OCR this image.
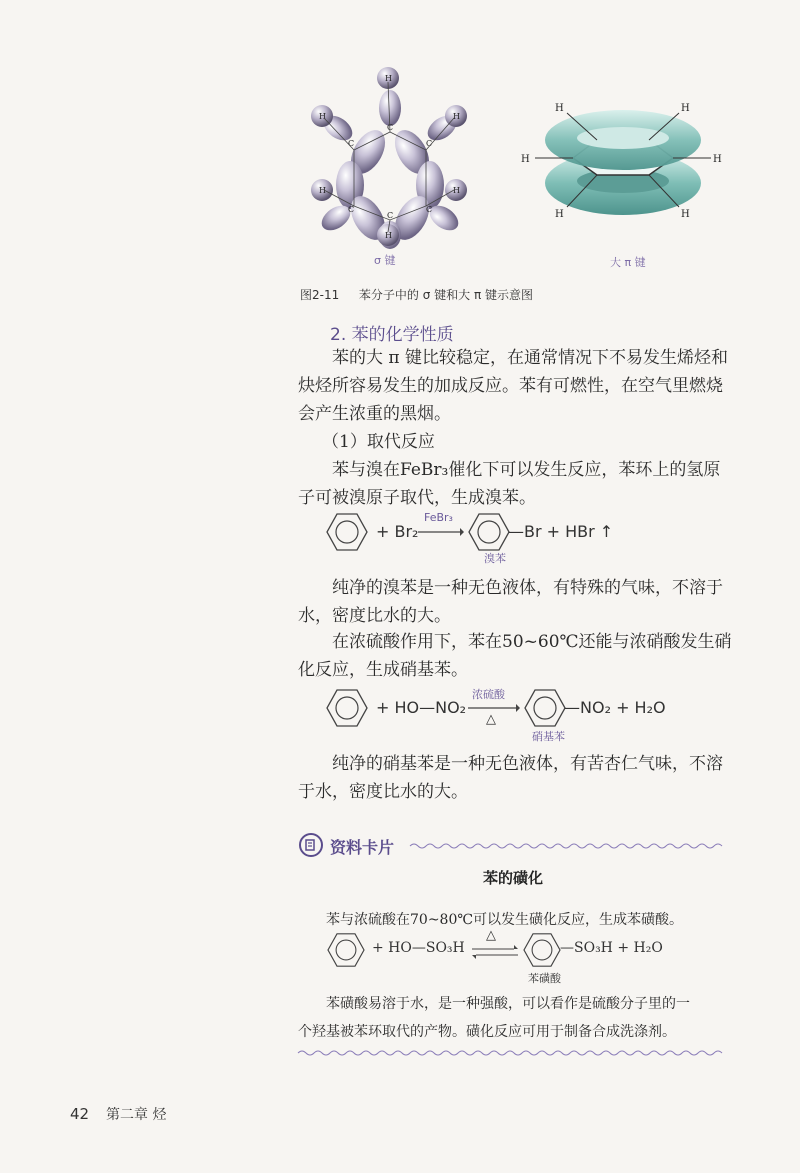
H
H	H
H	H
H
C
C	C
C	C
C
σ 键
H	H
H	H
H	H
大 π 键
图2-11 苯分子中的 σ 键和大 π 键示意图
2. 苯的化学性质
苯的大 π 键比较稳定，在通常情况下不易发生烯烃和
炔烃所容易发生的加成反应。苯有可燃性，在空气里燃烧
会产生浓重的黑烟。
（1）取代反应
苯与溴在FeBr₃催化下可以发生反应，苯环上的氢原
子可被溴原子取代，生成溴苯。
+ Br₂
FeBr₃
—Br + HBr ↑
溴苯
纯净的溴苯是一种无色液体，有特殊的气味，不溶于
水，密度比水的大。
在浓硫酸作用下，苯在50~60℃还能与浓硝酸发生硝
化反应，生成硝基苯。
+ HO—NO₂
浓硫酸
△
—NO₂ + H₂O
硝基苯
纯净的硝基苯是一种无色液体，有苦杏仁气味，不溶
于水，密度比水的大。
资料卡片
苯的磺化
苯与浓硫酸在70~80℃可以发生磺化反应，生成苯磺酸。
+ HO—SO₃H
△
—SO₃H + H₂O
苯磺酸
苯磺酸易溶于水，是一种强酸，可以看作是硫酸分子里的一
个羟基被苯环取代的产物。磺化反应可用于制备合成洗涤剂。
42 第二章 烃
